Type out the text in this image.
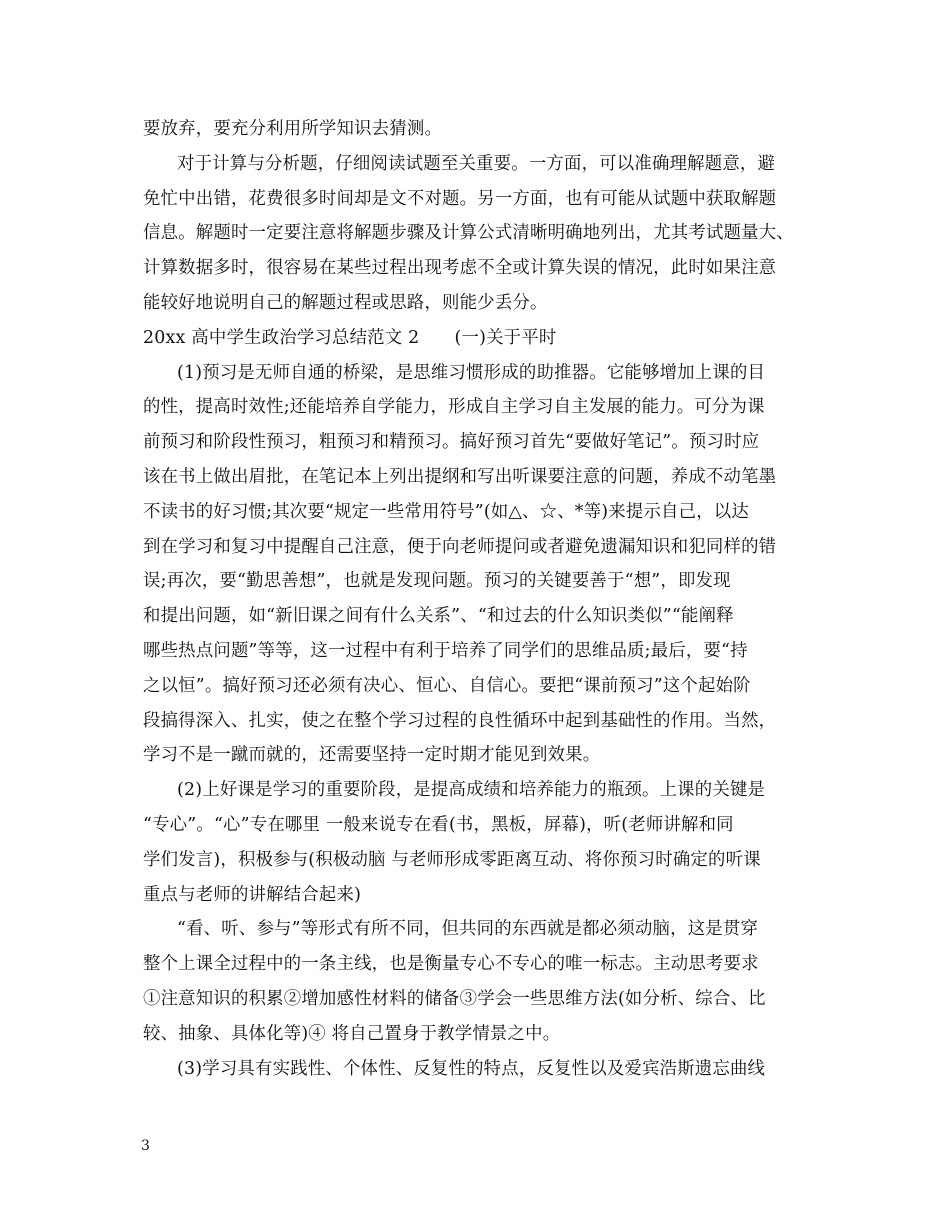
要放弃，要充分利用所学知识去猜测。
对于计算与分析题，仔细阅读试题至关重要。一方面，可以准确理解题意，避
免忙中出错，花费很多时间却是文不对题。另一方面，也有可能从试题中获取解题
信息。解题时一定要注意将解题步骤及计算公式清晰明确地列出，尤其考试题量大、
计算数据多时，很容易在某些过程出现考虑不全或计算失误的情况，此时如果注意
能较好地说明自己的解题过程或思路，则能少丢分。
20xx 高中学生政治学习总结范文 2　　(一)关于平时
(1)预习是无师自通的桥梁，是思维习惯形成的助推器。它能够增加上课的目
的性，提高时效性;还能培养自学能力，形成自主学习自主发展的能力。可分为课
前预习和阶段性预习，粗预习和精预习。搞好预习首先“要做好笔记”。预习时应
该在书上做出眉批，在笔记本上列出提纲和写出听课要注意的问题，养成不动笔墨
不读书的好习惯;其次要“规定一些常用符号”(如△、☆、*等)来提示自己，以达
到在学习和复习中提醒自己注意，便于向老师提问或者避免遗漏知识和犯同样的错
误;再次，要“勤思善想”，也就是发现问题。预习的关键要善于“想”，即发现
和提出问题，如“新旧课之间有什么关系”、“和过去的什么知识类似”“能阐释
哪些热点问题”等等，这一过程中有利于培养了同学们的思维品质;最后，要“持
之以恒”。搞好预习还必须有决心、恒心、自信心。要把“课前预习”这个起始阶
段搞得深入、扎实，使之在整个学习过程的良性循环中起到基础性的作用。当然，
学习不是一蹴而就的，还需要坚持一定时期才能见到效果。
(2)上好课是学习的重要阶段，是提高成绩和培养能力的瓶颈。上课的关键是
“专心”。“心”专在哪里 一般来说专在看(书，黑板，屏幕)，听(老师讲解和同
学们发言)，积极参与(积极动脑 与老师形成零距离互动、将你预习时确定的听课
重点与老师的讲解结合起来)
“看、听、参与”等形式有所不同，但共同的东西就是都必须动脑，这是贯穿
整个上课全过程中的一条主线，也是衡量专心不专心的唯一标志。主动思考要求
①注意知识的积累②增加感性材料的储备③学会一些思维方法(如分析、综合、比
较、抽象、具体化等)④ 将自己置身于教学情景之中。
(3)学习具有实践性、个体性、反复性的特点，反复性以及爱宾浩斯遗忘曲线
3
